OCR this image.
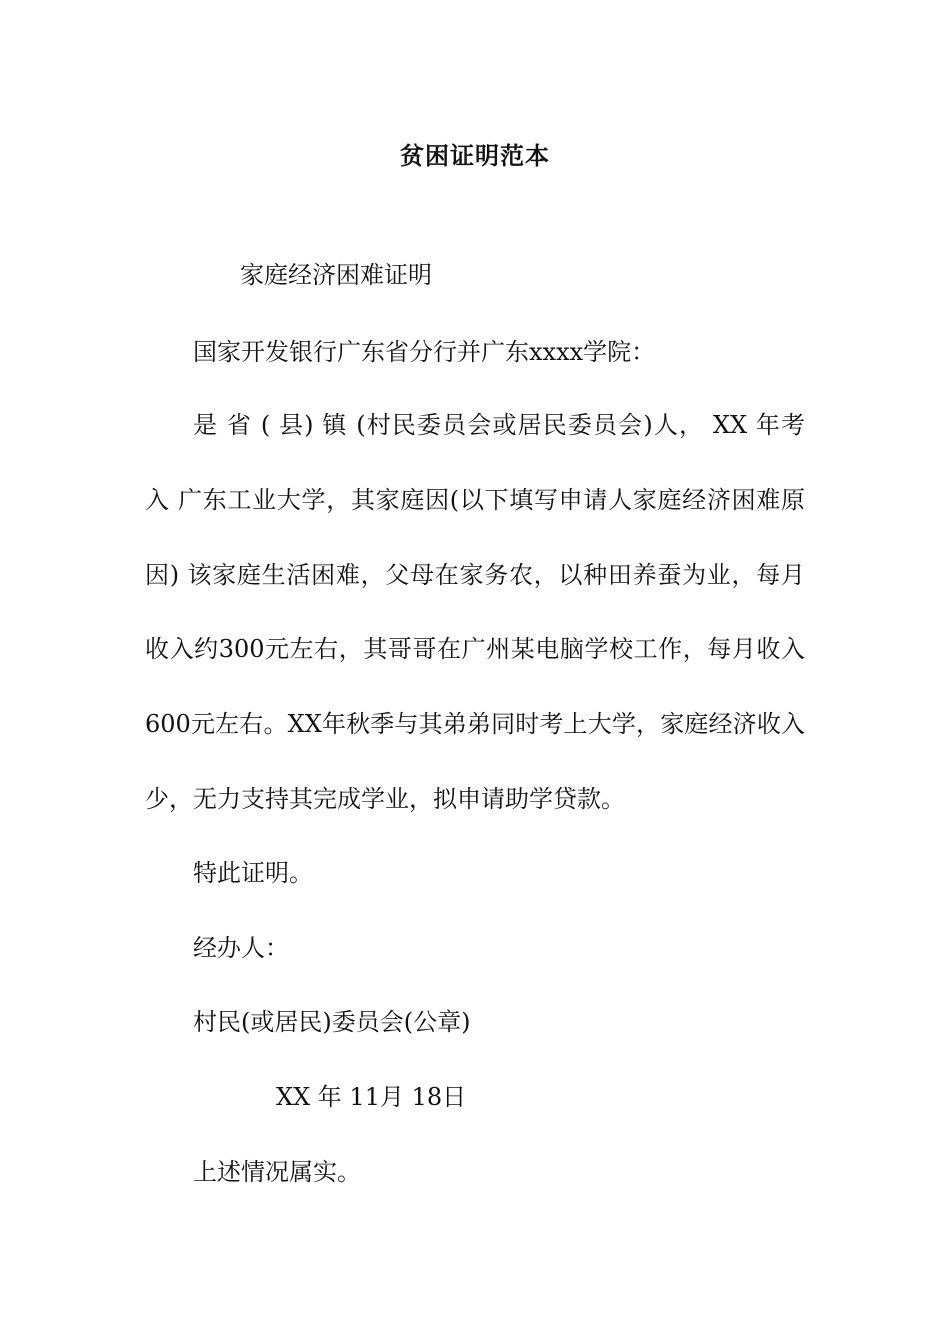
贫困证明范本
家庭经济困难证明
国家开发银行广东省分行并广东xxxx学院：
是 省 ( 县) 镇 (村民委员会或居民委员会)人， XX 年考
入 广东工业大学，其家庭因(以下填写申请人家庭经济困难原
因) 该家庭生活困难，父母在家务农，以种田养蚕为业，每月
收入约300元左右，其哥哥在广州某电脑学校工作，每月收入
600元左右。XX年秋季与其弟弟同时考上大学，家庭经济收入
少，无力支持其完成学业，拟申请助学贷款。
特此证明。
经办人：
村民(或居民)委员会(公章)
XX 年 11月 18日
上述情况属实。
